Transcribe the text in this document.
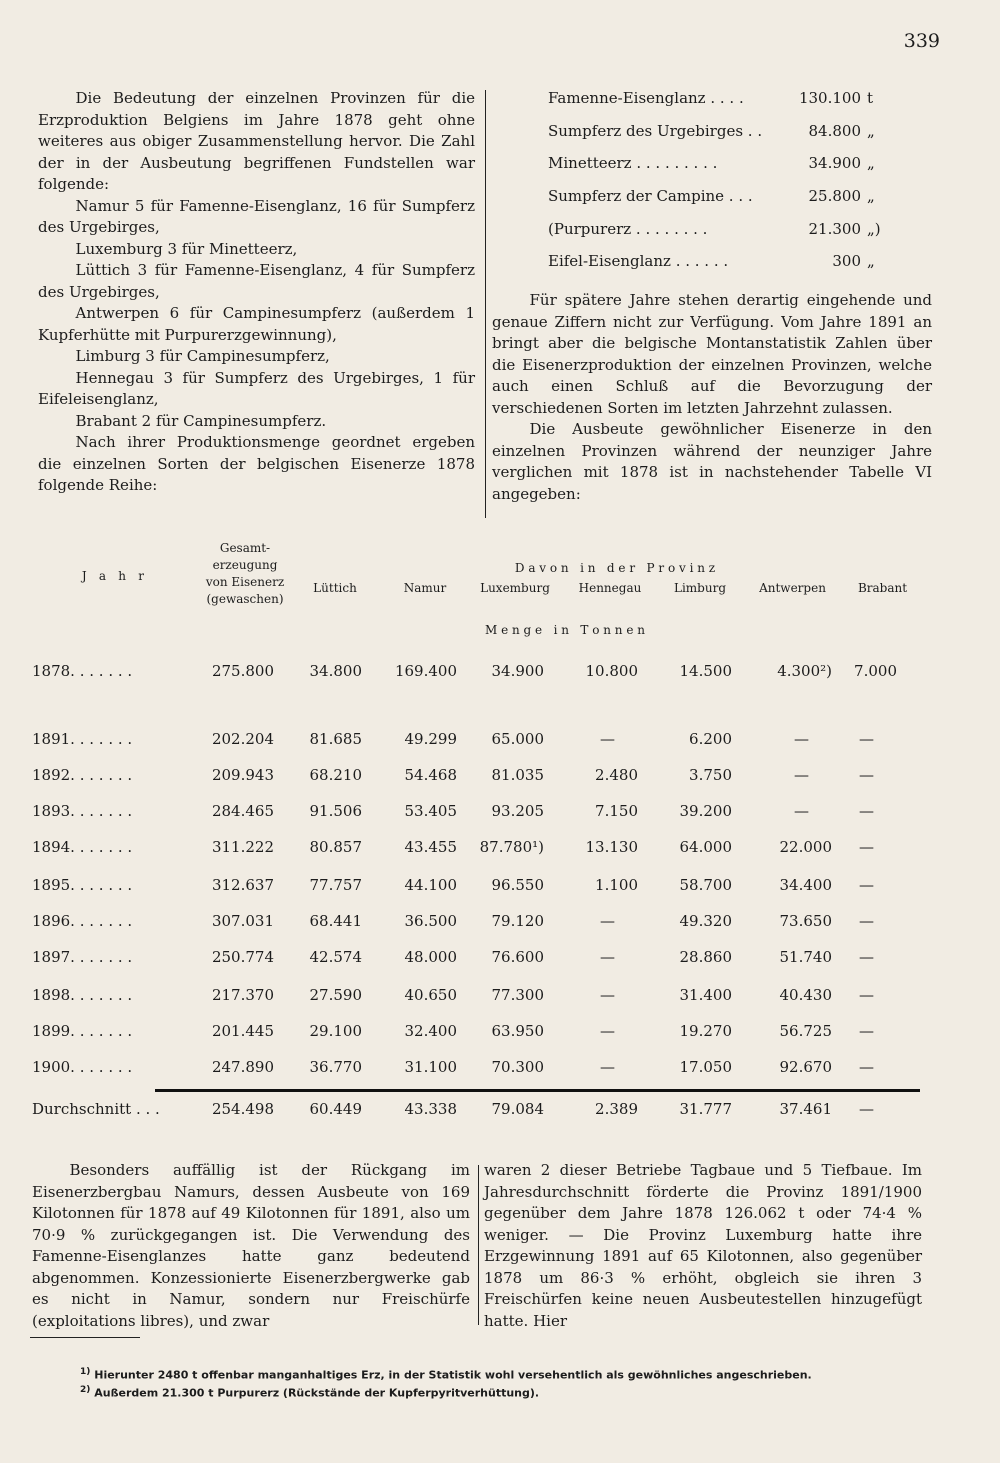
339

Die Bedeutung der einzelnen Provinzen für die Erzproduktion Belgiens im Jahre 1878 geht ohne weiteres aus obiger Zusammenstellung hervor. Die Zahl der in der Ausbeutung begriffenen Fundstellen war folgende:

Namur 5 für Famenne-Eisenglanz, 16 für Sumpferz des Urgebirges,

Luxemburg 3 für Minetteerz,

Lüttich 3 für Famenne-Eisenglanz, 4 für Sumpferz des Urgebirges,

Antwerpen 6 für Campinesumpferz (außerdem 1 Kupferhütte mit Purpurerzgewinnung),

Limburg 3 für Campinesumpferz,

Hennegau 3 für Sumpferz des Urgebirges, 1 für Eifeleisenglanz,

Brabant 2 für Campinesumpferz.

Nach ihrer Produktionsmenge geordnet ergeben die einzelnen Sorten der belgischen Eisenerze 1878 folgende Reihe:

Famenne-Eisenglanz . . . .	130.100	t
Sumpferz des Urgebirges . .	84.800	„
Minetteerz . . . . . . . . .	34.900	„
Sumpferz der Campine . . .	25.800	„
(Purpurerz . . . . . . . .	21.300	„)
Eifel-Eisenglanz . . . . . .	300	„

Für spätere Jahre stehen derartig eingehende und genaue Ziffern nicht zur Verfügung. Vom Jahre 1891 an bringt aber die belgische Montanstatistik Zahlen über die Eisenerzproduktion der einzelnen Provinzen, welche auch einen Schluß auf die Bevorzugung der verschiedenen Sorten im letzten Jahrzehnt zulassen.

Die Ausbeute gewöhnlicher Eisenerze in den einzelnen Provinzen während der neunziger Jahre verglichen mit 1878 ist in nachstehender Tabelle VI angegeben:

J a h r
Gesamt-
erzeugung
von Eisenerz
(gewaschen)
D a v o n   i n   d e r   P r o v i n z
Lüttich	Namur	Luxemburg	Hennegau	Limburg	Antwerpen	Brabant
M e n g e   i n   T o n n e n
1878. . . . . . .	275.800 34.800 169.400 34.900	10.800	14.500	4.300²) 7.000
1891. . . . . . .	202.204 81.685	49.299 65.000	—	6.200	—	—
1892. . . . . . .	209.943 68.210	54.468 81.035	2.480	3.750	—	—
1893. . . . . . .	284.465 91.506	53.405 93.205	7.150	39.200	—	—
1894. . . . . . .	311.222 80.857	43.455 87.780¹)	13.130	64.000	22.000 —
1895. . . . . . .	312.637 77.757	44.100 96.550	1.100	58.700	34.400 —
1896. . . . . . .	307.031 68.441	36.500 79.120	—	49.320	73.650 —
1897. . . . . . .	250.774 42.574	48.000 76.600	—	28.860	51.740 —
1898. . . . . . .	217.370 27.590	40.650 77.300	—	31.400	40.430 —
1899. . . . . . .	201.445 29.100	32.400 63.950	—	19.270	56.725 —
1900. . . . . . .	247.890 36.770	31.100 70.300	—	17.050	92.670 —
Durchschnitt . . .	254.498 60.449	43.338 79.084	2.389	31.777	37.461 —

Besonders auffällig ist der Rückgang im Eisenerzbergbau Namurs, dessen Ausbeute von 169 Kilotonnen für 1878 auf 49 Kilotonnen für 1891, also um 70·9 % zurückgegangen ist. Die Verwendung des Famenne-Eisenglanzes hatte ganz bedeutend abgenommen. Konzessionierte Eisenerzbergwerke gab es nicht in Namur, sondern nur Freischürfe (exploitations libres), und zwar

waren 2 dieser Betriebe Tagbaue und 5 Tiefbaue. Im Jahresdurchschnitt förderte die Provinz 1891/1900 gegenüber dem Jahre 1878 126.062 t oder 74·4 % weniger. — Die Provinz Luxemburg hatte ihre Erzgewinnung 1891 auf 65 Kilotonnen, also gegenüber 1878 um 86·3 % erhöht, obgleich sie ihren 3 Freischürfen keine neuen Ausbeutestellen hinzugefügt hatte. Hier

$^{1)}$ Hierunter 2480 t offenbar manganhaltiges Erz, in der Statistik wohl versehentlich als gewöhnliches angeschrieben.
$^{2)}$ Außerdem 21.300 t Purpurerz (Rückstände der Kupferpyritverhüttung).
